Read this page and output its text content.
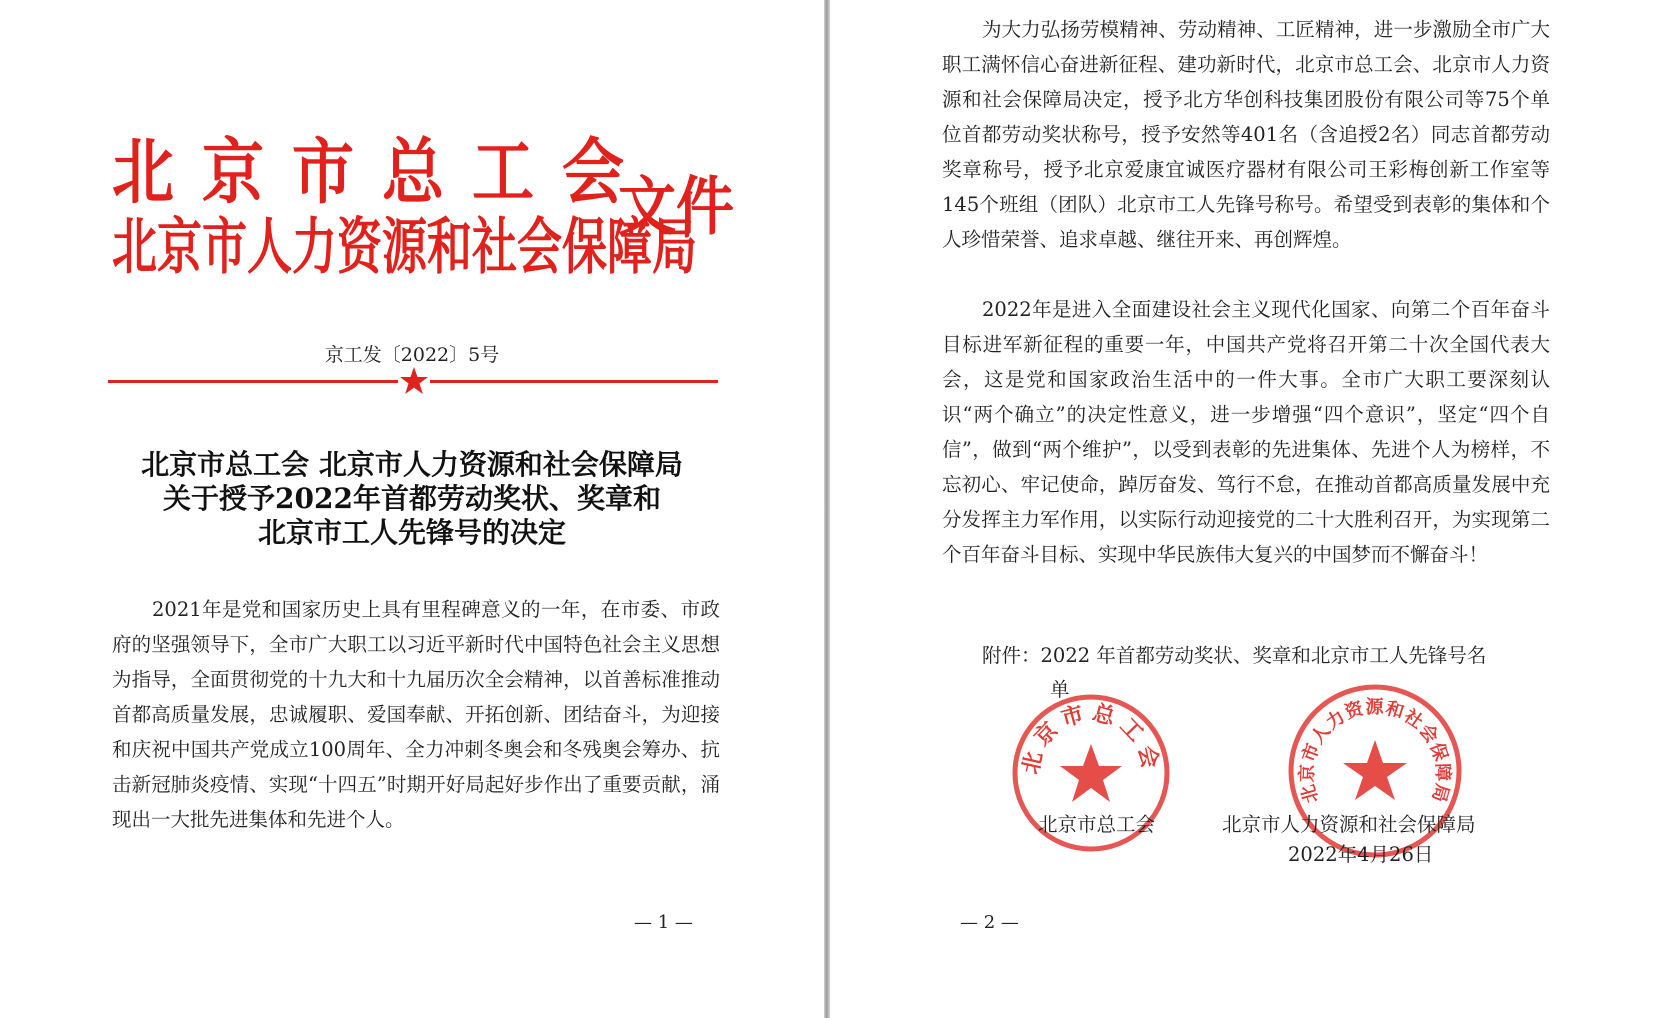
北京市总工会
北京市人力资源和社会保障局
文件
京工发〔2022〕5号
北京市总工会 北京市人力资源和社会保障局
关于授予2022年首都劳动奖状、奖章和
北京市工人先锋号的决定

2021年是党和国家历史上具有里程碑意义的一年，在市委、市政府的坚强领导下，全市广大职工以习近平新时代中国特色社会主义思想为指导，全面贯彻党的十九大和十九届历次全会精神，以首善标准推动首都高质量发展，忠诚履职、爱国奉献、开拓创新、团结奋斗，为迎接和庆祝中国共产党成立100周年、全力冲刺冬奥会和冬残奥会筹办、抗击新冠肺炎疫情、实现“十四五”时期开好局起好步作出了重要贡献，涌现出一大批先进集体和先进个人。

— 1 —

为大力弘扬劳模精神、劳动精神、工匠精神，进一步激励全市广大职工满怀信心奋进新征程、建功新时代，北京市总工会、北京市人力资源和社会保障局决定，授予北方华创科技集团股份有限公司等75个单位首都劳动奖状称号，授予安然等401名（含追授2名）同志首都劳动奖章称号，授予北京爱康宜诚医疗器材有限公司王彩梅创新工作室等145个班组（团队）北京市工人先锋号称号。希望受到表彰的集体和个人珍惜荣誉、追求卓越、继往开来、再创辉煌。

2022年是进入全面建设社会主义现代化国家、向第二个百年奋斗目标进军新征程的重要一年，中国共产党将召开第二十次全国代表大会，这是党和国家政治生活中的一件大事。全市广大职工要深刻认识“两个确立”的决定性意义，进一步增强“四个意识”，坚定“四个自信”，做到“两个维护”，以受到表彰的先进集体、先进个人为榜样，不忘初心、牢记使命，踔厉奋发、笃行不怠，在推动首都高质量发展中充分发挥主力军作用，以实际行动迎接党的二十大胜利召开，为实现第二个百年奋斗目标、实现中华民族伟大复兴的中国梦而不懈奋斗！

附件：2022 年首都劳动奖状、奖章和北京市工人先锋号名
单
北京市总工会
北京市人力资源和社会保障局
北京市总工会	北京市人力资源和社会保障局
2022年4月26日
— 2 —
